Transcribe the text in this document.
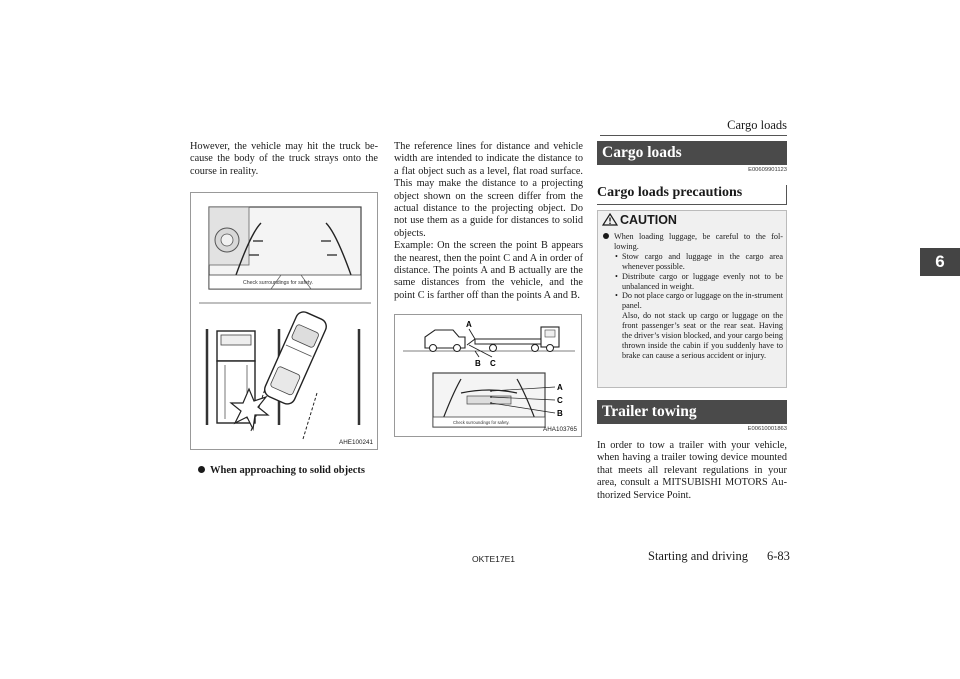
Cargo loads
6
However, the vehicle may hit the truck be-cause the body of the truck strays onto the course in reality.
Check surroundings for safety.
AHE100241
When approaching to solid objects
The reference lines for distance and vehicle width are intended to indicate the distance to a flat object such as a level, flat road surface. This may make the distance to a projecting object shown on the screen differ from the actual distance to the projecting object. Do not use them as a guide for distances to solid objects.
Example: On the screen the point B appears the nearest, then the point C and A in order of distance. The points A and B actually are the same distances from the vehicle, and the point C is farther off than the points A and B.
A
B C
Check surroundings for safety.
A
C
B
AHA103765
Cargo loads
E00609901123
Cargo loads precautions
CAUTION
When loading luggage, be careful to the fol-lowing.
• Stow cargo and luggage in the cargo area whenever possible.
• Distribute cargo or luggage evenly not to be unbalanced in weight.
• Do not place cargo or luggage on the in-strument panel.
Also, do not stack up cargo or luggage on the front passenger’s seat or the rear seat. Having the driver’s vision blocked, and your cargo being thrown inside the cabin if you suddenly have to brake can cause a serious accident or injury.
Trailer towing
E00610001863
In order to tow a trailer with your vehicle, when having a trailer towing device mounted that meets all relevant regulations in your area, consult a MITSUBISHI MOTORS Au-thorized Service Point.
OKTE17E1	Starting and driving 6-83
